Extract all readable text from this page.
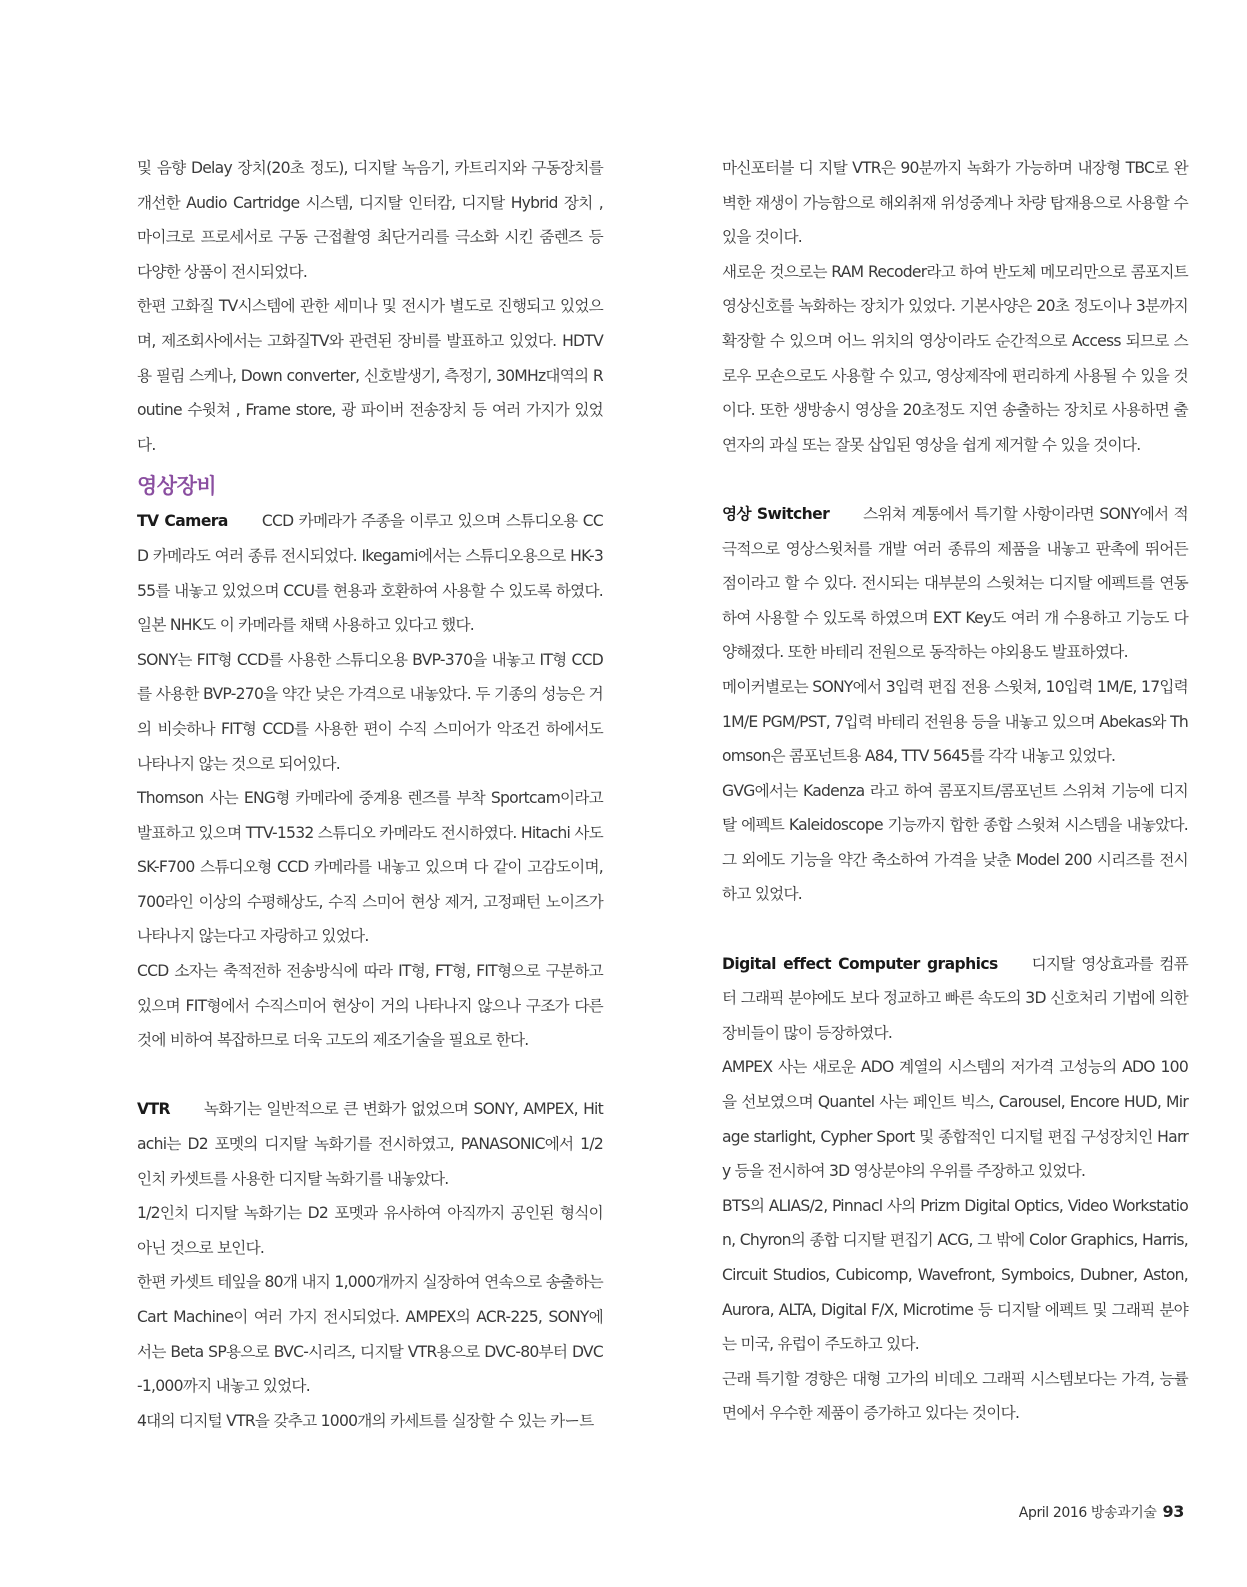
및 음향 Delay 장치(20초 정도), 디지탈 녹음기, 카트리지와 구동장치를 개선한 Audio Cartridge 시스템, 디지탈 인터캄, 디지탈 Hybrid 장치 , 마이크로 프로세서로 구동 근접촬영 최단거리를 극소화 시킨 줌렌즈 등 다양한 상품이 전시되었다.

한편 고화질 TV시스템에 관한 세미나 및 전시가 별도로 진행되고 있었으며, 제조회사에서는 고화질TV와 관련된 장비를 발표하고 있었다. HDTV용 필림 스케나, Down converter, 신호발생기, 측정기, 30MHz대역의 Routine 수윗쳐 , Frame store, 광 파이버 전송장치 등 여러 가지가 있었다.

영상장비

TV Camera CCD 카메라가 주종을 이루고 있으며 스튜디오용 CCD 카메라도 여러 종류 전시되었다. Ikegami에서는 스튜디오용으로 HK-355를 내놓고 있었으며 CCU를 현용과 호환하여 사용할 수 있도록 하였다. 일본 NHK도 이 카메라를 채택 사용하고 있다고 했다.

SONY는 FIT형 CCD를 사용한 스튜디오용 BVP-370을 내놓고 IT형 CCD를 사용한 BVP-270을 약간 낮은 가격으로 내놓았다. 두 기종의 성능은 거의 비슷하나 FIT형 CCD를 사용한 편이 수직 스미어가 악조건 하에서도 나타나지 않는 것으로 되어있다.

Thomson 사는 ENG형 카메라에 중계용 렌즈를 부착 Sportcam이라고 발표하고 있으며 TTV-1532 스튜디오 카메라도 전시하였다. Hitachi 사도 SK-F700 스튜디오형 CCD 카메라를 내놓고 있으며 다 같이 고감도이며, 700라인 이상의 수평해상도, 수직 스미어 현상 제거, 고정패턴 노이즈가 나타나지 않는다고 자랑하고 있었다.

CCD 소자는 축적전하 전송방식에 따라 IT형, FT형, FIT형으로 구분하고 있으며 FIT형에서 수직스미어 현상이 거의 나타나지 않으나 구조가 다른 것에 비하여 복잡하므로 더욱 고도의 제조기술을 필요로 한다.

VTR 녹화기는 일반적으로 큰 변화가 없었으며 SONY, AMPEX, Hitachi는 D2 포멧의 디지탈 녹화기를 전시하였고, PANASONIC에서 1/2 인치 카셋트를 사용한 디지탈 녹화기를 내놓았다.

1/2인치 디지탈 녹화기는 D2 포멧과 유사하여 아직까지 공인된 형식이 아닌 것으로 보인다.

한편 카셋트 테잎을 80개 내지 1,000개까지 실장하여 연속으로 송출하는 Cart Machine이 여러 가지 전시되었다. AMPEX의 ACR-225, SONY에서는 Beta SP용으로 BVC-시리즈, 디지탈 VTR용으로 DVC-80부터 DVC-1,000까지 내놓고 있었다.

4대의 디지털 VTR을 갖추고 1000개의 카세트를 실장할 수 있는 카ー트

마신포터블 디 지탈 VTR은 90분까지 녹화가 가능하며 내장형 TBC로 완벽한 재생이 가능함으로 해외취재 위성중계나 차량 탑재용으로 사용할 수 있을 것이다.

새로운 것으로는 RAM Recoder라고 하여 반도체 메모리만으로 콤포지트 영상신호를 녹화하는 장치가 있었다. 기본사양은 20초 정도이나 3분까지 확장할 수 있으며 어느 위치의 영상이라도 순간적으로 Access 되므로 스로우 모숀으로도 사용할 수 있고, 영상제작에 편리하게 사용될 수 있을 것이다. 또한 생방송시 영상을 20초정도 지연 송출하는 장치로 사용하면 출연자의 과실 또는 잘못 삽입된 영상을 쉽게 제거할 수 있을 것이다.

영상 Switcher 스위쳐 계통에서 특기할 사항이라면 SONY에서 적극적으로 영상스윗처를 개발 여러 종류의 제품을 내놓고 판촉에 뛰어든 점이라고 할 수 있다. 전시되는 대부분의 스윗쳐는 디지탈 에펙트를 연동하여 사용할 수 있도록 하였으며 EXT Key도 여러 개 수용하고 기능도 다양해졌다. 또한 바테리 전원으로 동작하는 야외용도 발표하였다.

메이커별로는 SONY에서 3입력 편집 전용 스윗쳐, 10입력 1M/E, 17입력 1M/E PGM/PST, 7입력 바테리 전원용 등을 내놓고 있으며 Abekas와 Thomson은 콤포넌트용 A84, TTV 5645를 각각 내놓고 있었다.

GVG에서는 Kadenza 라고 하여 콤포지트/콤포넌트 스위쳐 기능에 디지탈 에펙트 Kaleidoscope 기능까지 합한 종합 스윗쳐 시스템을 내놓았다. 그 외에도 기능을 약간 축소하여 가격을 낮춘 Model 200 시리즈를 전시하고 있었다.

Digital effect Computer graphics 디지탈 영상효과를 컴퓨터 그래픽 분야에도 보다 정교하고 빠른 속도의 3D 신호처리 기법에 의한 장비들이 많이 등장하였다.

AMPEX 사는 새로운 ADO 계열의 시스템의 저가격 고성능의 ADO 100을 선보였으며 Quantel 사는 페인트 빅스, Carousel, Encore HUD, Mirage starlight, Cypher Sport 및 종합적인 디지털 편집 구성장치인 Harry 등을 전시하여 3D 영상분야의 우위를 주장하고 있었다.

BTS의 ALIAS/2, Pinnacl 사의 Prizm Digital Optics, Video Workstation, Chyron의 종합 디지탈 편집기 ACG, 그 밖에 Color Graphics, Harris, Circuit Studios, Cubicomp, Wavefront, Symboics, Dubner, Aston, Aurora, ALTA, Digital F/X, Microtime 등 디지탈 에펙트 및 그래픽 분야는 미국, 유럽이 주도하고 있다.

근래 특기할 경향은 대형 고가의 비데오 그래픽 시스템보다는 가격, 능률면에서 우수한 제품이 증가하고 있다는 것이다.

April 2016 방송과기술 93
